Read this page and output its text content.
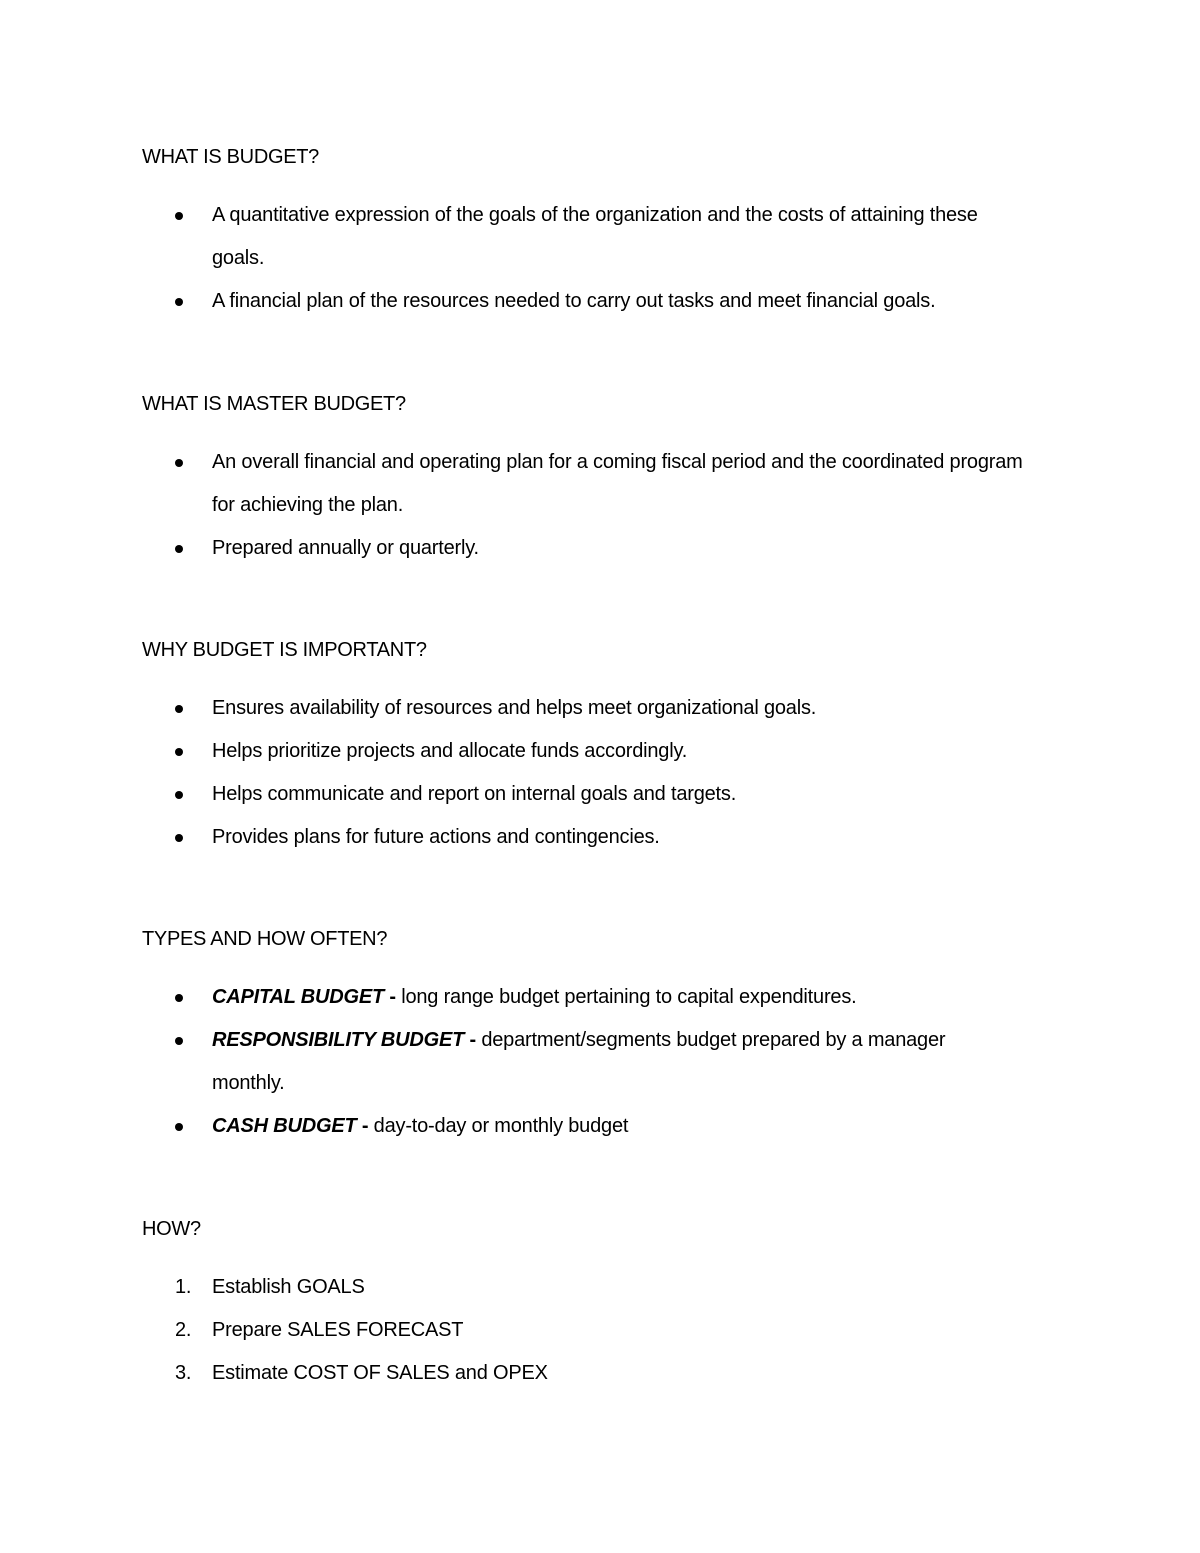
WHAT IS BUDGET?
A quantitative expression of the goals of the organization and the costs of attaining these goals.
A financial plan of the resources needed to carry out tasks and meet financial goals.
WHAT IS MASTER BUDGET?
An overall financial and operating plan for a coming fiscal period and the coordinated program for achieving the plan.
Prepared annually or quarterly.
WHY BUDGET IS IMPORTANT?
Ensures availability of resources and helps meet organizational goals.
Helps prioritize projects and allocate funds accordingly.
Helps communicate and report on internal goals and targets.
Provides plans for future actions and contingencies.
TYPES AND HOW OFTEN?
CAPITAL BUDGET - long range budget pertaining to capital expenditures.
RESPONSIBILITY BUDGET - department/segments budget prepared by a manager monthly.
CASH BUDGET - day-to-day or monthly budget
HOW?
1. Establish GOALS
2. Prepare SALES FORECAST
3. Estimate COST OF SALES and OPEX
